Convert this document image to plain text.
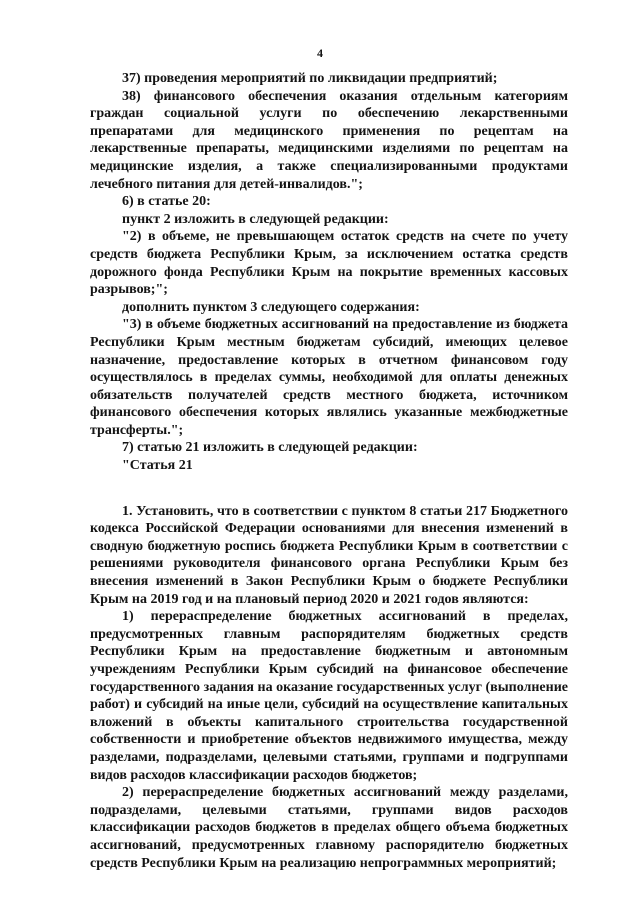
4

37) проведения мероприятий по ликвидации предприятий;

38) финансового обеспечения оказания отдельным категориям граждан социальной услуги по обеспечению лекарственными препаратами для медицинского применения по рецептам на лекарственные препараты, медицинскими изделиями по рецептам на медицинские изделия, а также специализированными продуктами лечебного питания для детей-инвалидов.";

6) в статье 20:

пункт 2 изложить в следующей редакции:

"2) в объеме, не превышающем остаток средств на счете по учету средств бюджета Республики Крым, за исключением остатка средств дорожного фонда Республики Крым на покрытие временных кассовых разрывов;";

дополнить пунктом 3 следующего содержания:

"3) в объеме бюджетных ассигнований на предоставление из бюджета Республики Крым местным бюджетам субсидий, имеющих целевое назначение, предоставление которых в отчетном финансовом году осуществлялось в пределах суммы, необходимой для оплаты денежных обязательств получателей средств местного бюджета, источником финансового обеспечения которых являлись указанные межбюджетные трансферты.";

7) статью 21 изложить в следующей редакции:

"Статья 21

1. Установить, что в соответствии с пунктом 8 статьи 217 Бюджетного кодекса Российской Федерации основаниями для внесения изменений в сводную бюджетную роспись бюджета Республики Крым в соответствии с решениями руководителя финансового органа Республики Крым без внесения изменений в Закон Республики Крым о бюджете Республики Крым на 2019 год и на плановый период 2020 и 2021 годов являются:

1) перераспределение бюджетных ассигнований в пределах, предусмотренных главным распорядителям бюджетных средств Республики Крым на предоставление бюджетным и автономным учреждениям Республики Крым субсидий на финансовое обеспечение государственного задания на оказание государственных услуг (выполнение работ) и субсидий на иные цели, субсидий на осуществление капитальных вложений в объекты капитального строительства государственной собственности и приобретение объектов недвижимого имущества, между разделами, подразделами, целевыми статьями, группами и подгруппами видов расходов классификации расходов бюджетов;

2) перераспределение бюджетных ассигнований между разделами, подразделами, целевыми статьями, группами видов расходов классификации расходов бюджетов в пределах общего объема бюджетных ассигнований, предусмотренных главному распорядителю бюджетных средств Республики Крым на реализацию непрограммных мероприятий;
